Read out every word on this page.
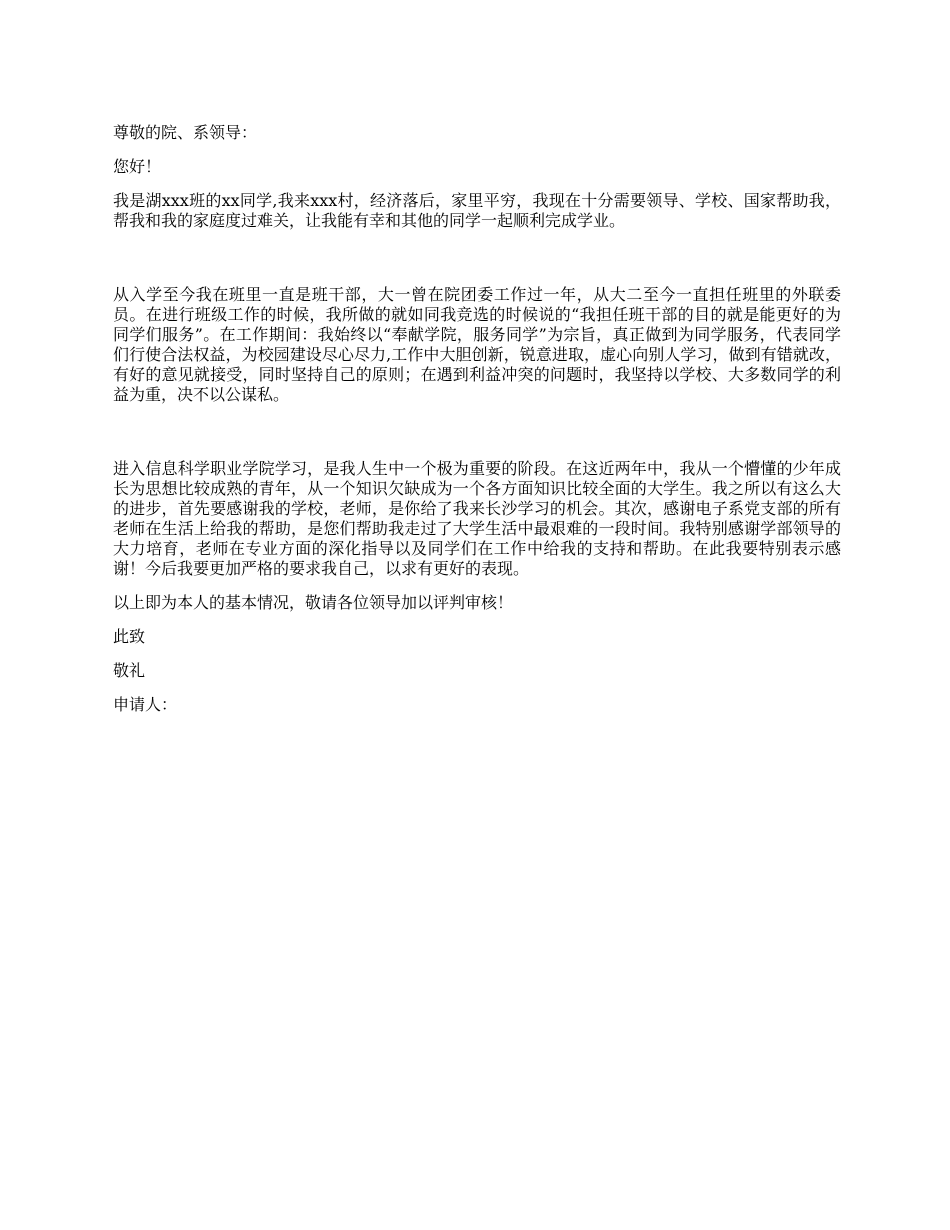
尊敬的院、系领导：

您好！

我是湖xxx班的xx同学,我来xxx村，经济落后，家里平穷，我现在十分需要领导、学校、国家帮助我，帮我和我的家庭度过难关，让我能有幸和其他的同学一起顺利完成学业。

从入学至今我在班里一直是班干部，大一曾在院团委工作过一年，从大二至今一直担任班里的外联委员。在进行班级工作的时候，我所做的就如同我竞选的时候说的“我担任班干部的目的就是能更好的为同学们服务”。在工作期间：我始终以“奉献学院，服务同学”为宗旨，真正做到为同学服务，代表同学们行使合法权益，为校园建设尽心尽力,工作中大胆创新，锐意进取，虚心向别人学习，做到有错就改，有好的意见就接受，同时坚持自己的原则；在遇到利益冲突的问题时，我坚持以学校、大多数同学的利益为重，决不以公谋私。

进入信息科学职业学院学习，是我人生中一个极为重要的阶段。在这近两年中，我从一个懵懂的少年成长为思想比较成熟的青年，从一个知识欠缺成为一个各方面知识比较全面的大学生。我之所以有这么大的进步，首先要感谢我的学校，老师，是你给了我来长沙学习的机会。其次，感谢电子系党支部的所有老师在生活上给我的帮助，是您们帮助我走过了大学生活中最艰难的一段时间。我特别感谢学部领导的大力培育，老师在专业方面的深化指导以及同学们在工作中给我的支持和帮助。在此我要特别表示感谢！今后我要更加严格的要求我自己，以求有更好的表现。

以上即为本人的基本情况，敬请各位领导加以评判审核！

此致

敬礼

申请人：
